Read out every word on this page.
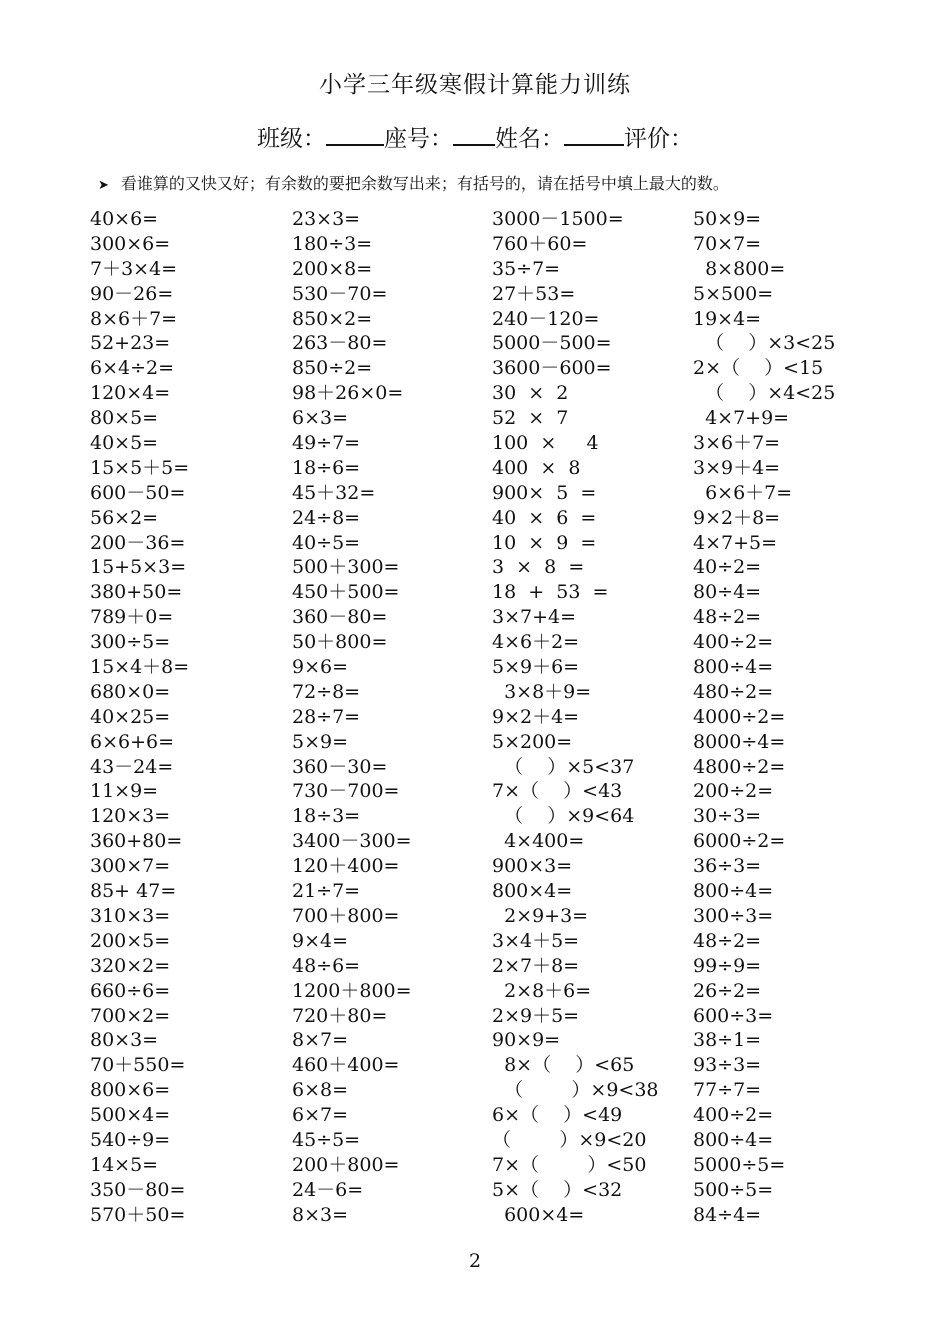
小学三年级寒假计算能力训练
班级：	座号： 姓名：	评价：
➤ 看谁算的又快又好；有余数的要把余数写出来；有括号的，请在括号中填上最大的数。
40×6=
300×6=
7＋3×4=
90－26=
8×6＋7=
52+23=
6×4÷2=
120×4=
80×5=
40×5=
15×5＋5=
600－50=
56×2=
200－36=
15+5×3=
380+50=
789＋0=
300÷5=
15×4＋8=
680×0=
40×25=
6×6+6=
43－24=
11×9=
120×3=
360+80=
300×7=
85+ 47=
310×3=
200×5=
320×2=
660÷6=
700×2=
80×3=
70＋550=
800×6=
500×4=
540÷9=
14×5=
350－80=
570＋50=
23×3=
180÷3=
200×8=
530－70=
850×2=
263－80=
850÷2=
98＋26×0=
6×3=
49÷7=
18÷6=
45＋32=
24÷8=
40÷5=
500＋300=
450＋500=
360－80=
50＋800=
9×6=
72÷8=
28÷7=
5×9=
360－30=
730－700=
18÷3=
3400－300=
120＋400=
21÷7=
700＋800=
9×4=
48÷6=
1200＋800=
720＋80=
8×7=
460＋400=
6×8=
6×7=
45÷5=
200＋800=
24－6=
8×3=
3000－1500=
760＋60=
35÷7=
27＋53=
240－120=
5000－500=
3600－600=
30  ×  2
52  ×  7
100  ×     4
400  ×  8
900×  5  =
40  ×  6  =
10  ×  9  =
3  ×  8  =
18  +  53  =
3×7+4=
4×6＋2=
5×9＋6=
3×8＋9=
9×2＋4=
5×200=
（    ）×5<37
7×（    ）<43
（    ）×9<64
4×400=
900×3=
800×4=
2×9+3=
3×4＋5=
2×7＋8=
2×8＋6=
2×9＋5=
90×9=
8×（    ）<65
（        ）×9<38
6×（    ）<49
（        ）×9<20
7×（        ）<50
5×（    ）<32
600×4=
50×9=
70×7=
8×800=
5×500=
19×4=
（    ）×3<25
2×（    ）<15
（    ）×4<25
4×7+9=
3×6＋7=
3×9＋4=
6×6＋7=
9×2＋8=
4×7+5=
40÷2=
80÷4=
48÷2=
400÷2=
800÷4=
480÷2=
4000÷2=
8000÷4=
4800÷2=
200÷2=
30÷3=
6000÷2=
36÷3=
800÷4=
300÷3=
48÷2=
99÷9=
26÷2=
600÷3=
38÷1=
93÷3=
77÷7=
400÷2=
800÷4=
5000÷5=
500÷5=
84÷4=
2
